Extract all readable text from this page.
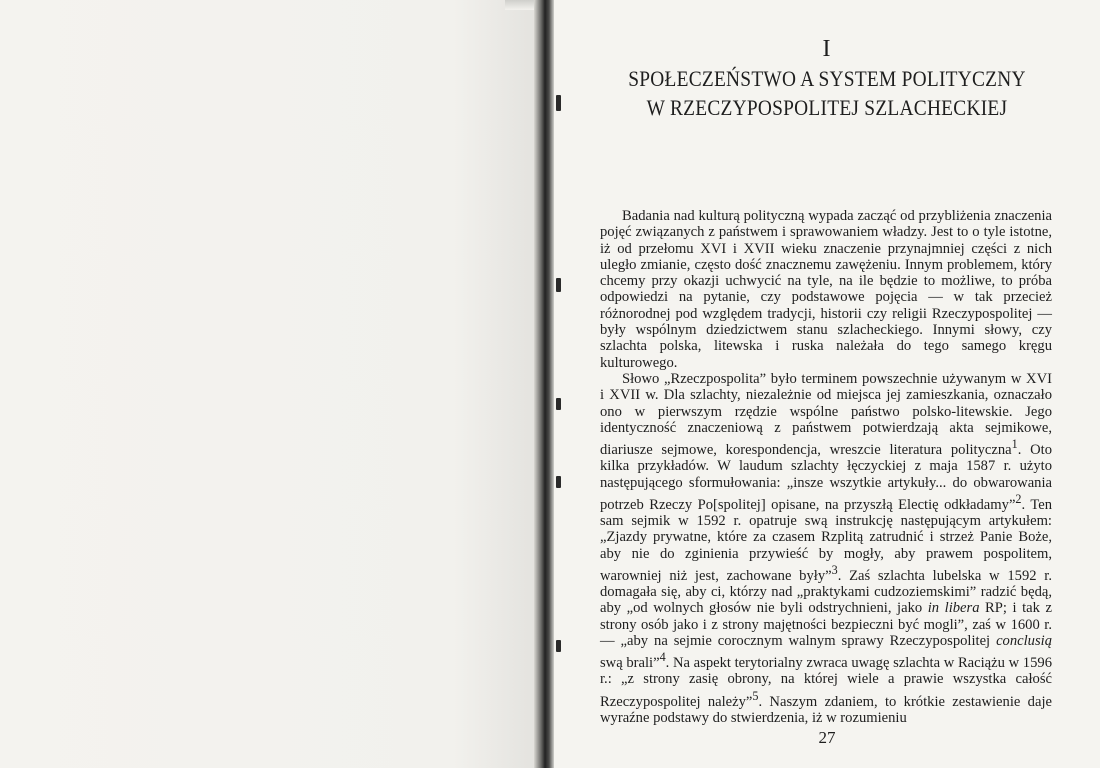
I
SPOŁECZEŃSTWO A SYSTEM POLITYCZNY
W RZECZYPOSPOLITEJ SZLACHECKIEJ

Badania nad kulturą polityczną wypada zacząć od przybliżenia znaczenia pojęć związanych z państwem i sprawowaniem władzy. Jest to o tyle istotne, iż od przełomu XVI i XVII wieku znaczenie przynajmniej części z nich uległo zmianie, często dość znacznemu zawężeniu. Innym problemem, który chcemy przy okazji uchwycić na tyle, na ile będzie to możliwe, to próba odpowiedzi na pytanie, czy podstawowe pojęcia — w tak przecież różnorodnej pod względem tradycji, historii czy religii Rzeczypospolitej — były wspólnym dziedzictwem stanu szlacheckiego. Innymi słowy, czy szlachta polska, litewska i ruska należała do tego samego kręgu kulturowego.

Słowo „Rzeczpospolita” było terminem powszechnie używanym w XVI i XVII w. Dla szlachty, niezależnie od miejsca jej zamieszkania, oznaczało ono w pierwszym rzędzie wspólne państwo polsko-litewskie. Jego identyczność znaczeniową z państwem potwierdzają akta sejmikowe, diariusze sejmowe, korespondencja, wreszcie literatura polityczna$^1$. Oto kilka przykładów. W laudum szlachty łęczyckiej z maja 1587 r. użyto następującego sformułowania: „insze wszytkie artykuły... do obwarowania potrzeb Rzeczy Po[spolitej] opisane, na przyszłą Electię odkładamy”$^2$. Ten sam sejmik w 1592 r. opatruje swą instrukcję następującym artykułem: „Zjazdy prywatne, które za czasem Rzplitą zatrudnić i strzeż Panie Boże, aby nie do zginienia przywieść by mogły, aby prawem pospolitem, warowniej niż jest, zachowane były”$^3$. Zaś szlachta lubelska w 1592 r. domagała się, aby ci, którzy nad „praktykami cudzoziemskimi” radzić będą, aby „od wolnych głosów nie byli odstrychnieni, jako in libera RP; i tak z strony osób jako i z strony majętności bezpieczni być mogli”, zaś w 1600 r. — „aby na sejmie corocznym walnym sprawy Rzeczypospolitej conclusią swą brali”$^4$. Na aspekt terytorialny zwraca uwagę szlachta w Raciążu w 1596 r.: „z strony zasię obrony, na której wiele a prawie wszystka całość Rzeczypospolitej należy”$^5$. Naszym zdaniem, to krótkie zestawienie daje wyraźne podstawy do stwierdzenia, iż w rozumieniu

27
